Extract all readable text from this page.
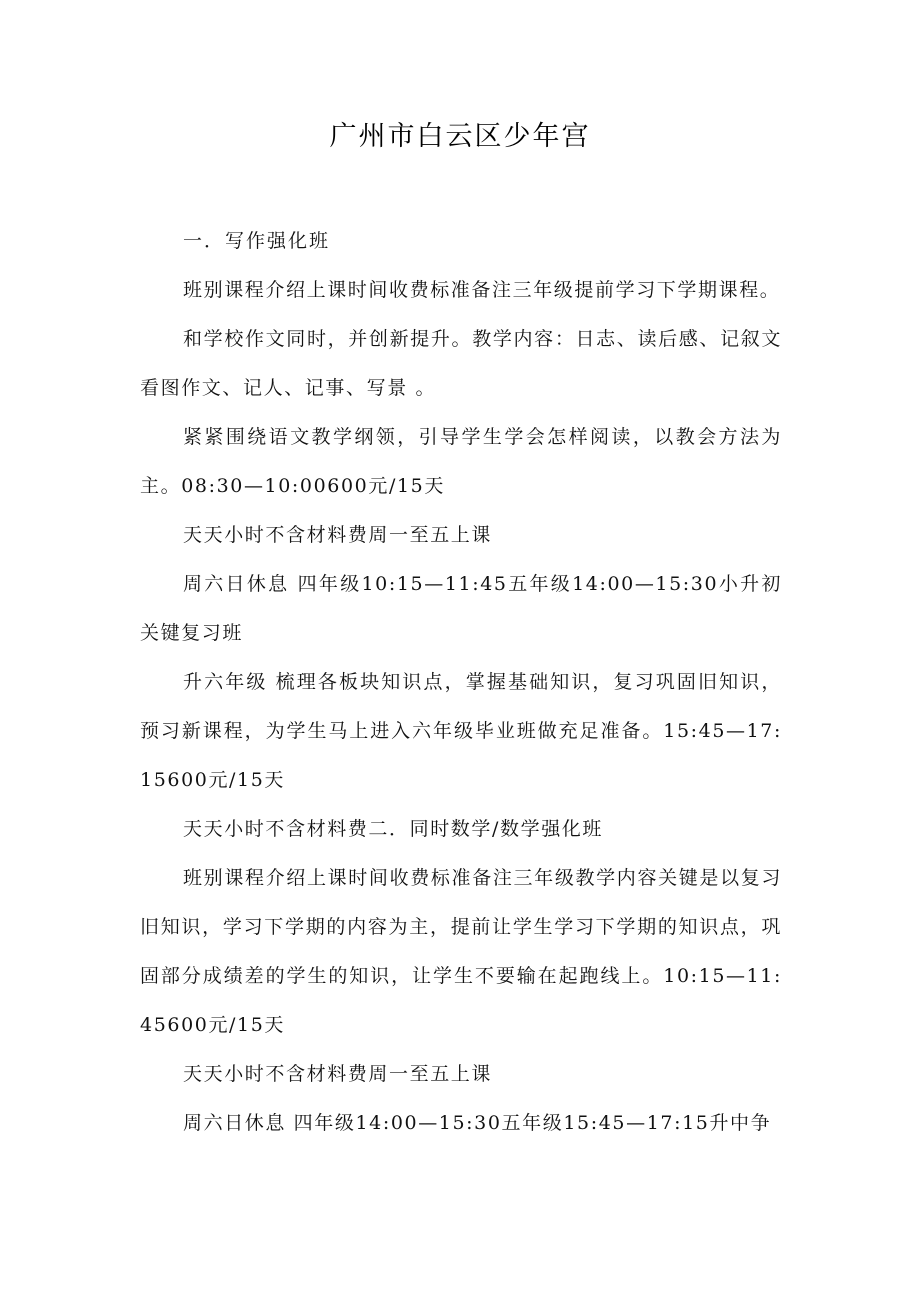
广州市白云区少年宫

一．写作强化班

班别课程介绍上课时间收费标准备注三年级提前学习下学期课程。

和学校作文同时，并创新提升。教学内容：日志、读后感、记叙文 看图作文、记人、记事、写景 。

紧紧围绕语文教学纲领，引导学生学会怎样阅读，以教会方法为主。08:30—10:00600元/15天

天天小时不含材料费周一至五上课

周六日休息 四年级10:15—11:45五年级14:00—15:30小升初关键复习班

升六年级 梳理各板块知识点，掌握基础知识，复习巩固旧知识，预习新课程，为学生马上进入六年级毕业班做充足准备。15:45—17:15600元/15天

天天小时不含材料费二．同时数学/数学强化班

班别课程介绍上课时间收费标准备注三年级教学内容关键是以复习旧知识，学习下学期的内容为主，提前让学生学习下学期的知识点，巩固部分成绩差的学生的知识，让学生不要输在起跑线上。10:15—11:45600元/15天

天天小时不含材料费周一至五上课

周六日休息 四年级14:00—15:30五年级15:45—17:15升中争
